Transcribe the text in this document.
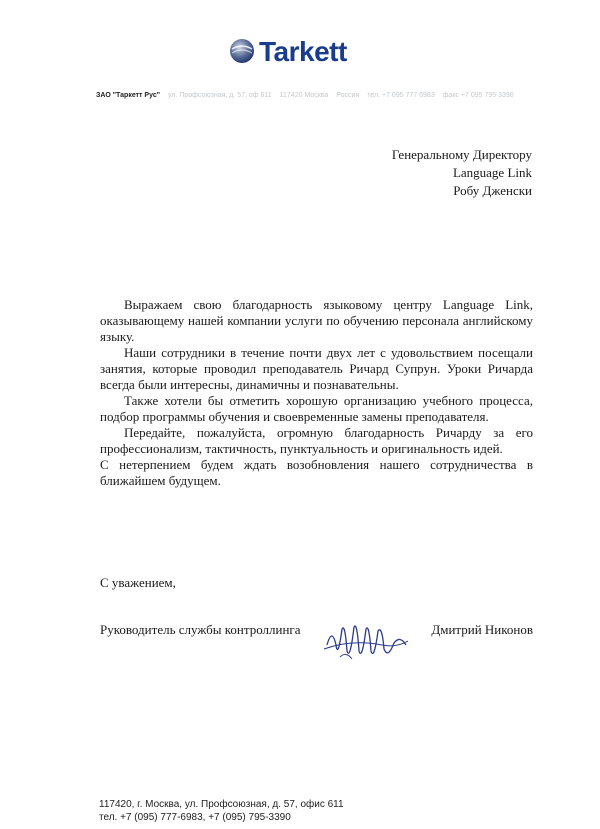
Tarkett
ЗАО "Таркетт Рус" ул. Профсоюзная, д. 57, оф 611 117420 Москва Россия тел. +7 095 777 6983 факс +7 095 795 3390
Генеральному Директору
Language Link
Робу Дженски

Выражаем свою благодарность языковому центру Language Link, оказывающему нашей компании услуги по обучению персонала английскому языку.

Наши сотрудники в течение почти двух лет с удовольствием посещали занятия, которые проводил преподаватель Ричард Супрун. Уроки Ричарда всегда были интересны, динамичны и познавательны.

Также хотели бы отметить хорошую организацию учебного процесса, подбор программы обучения и своевременные замены преподавателя.

Передайте, пожалуйста, огромную благодарность Ричарду за его профессионализм, тактичность, пунктуальность и оригинальность идей.

С нетерпением будем ждать возобновления нашего сотрудничества в ближайшем будущем.

С уважением,
Руководитель службы контроллинга	Дмитрий Никонов
117420, г. Москва, ул. Профсоюзная, д. 57, офис 611
тел. +7 (095) 777-6983, +7 (095) 795-3390
